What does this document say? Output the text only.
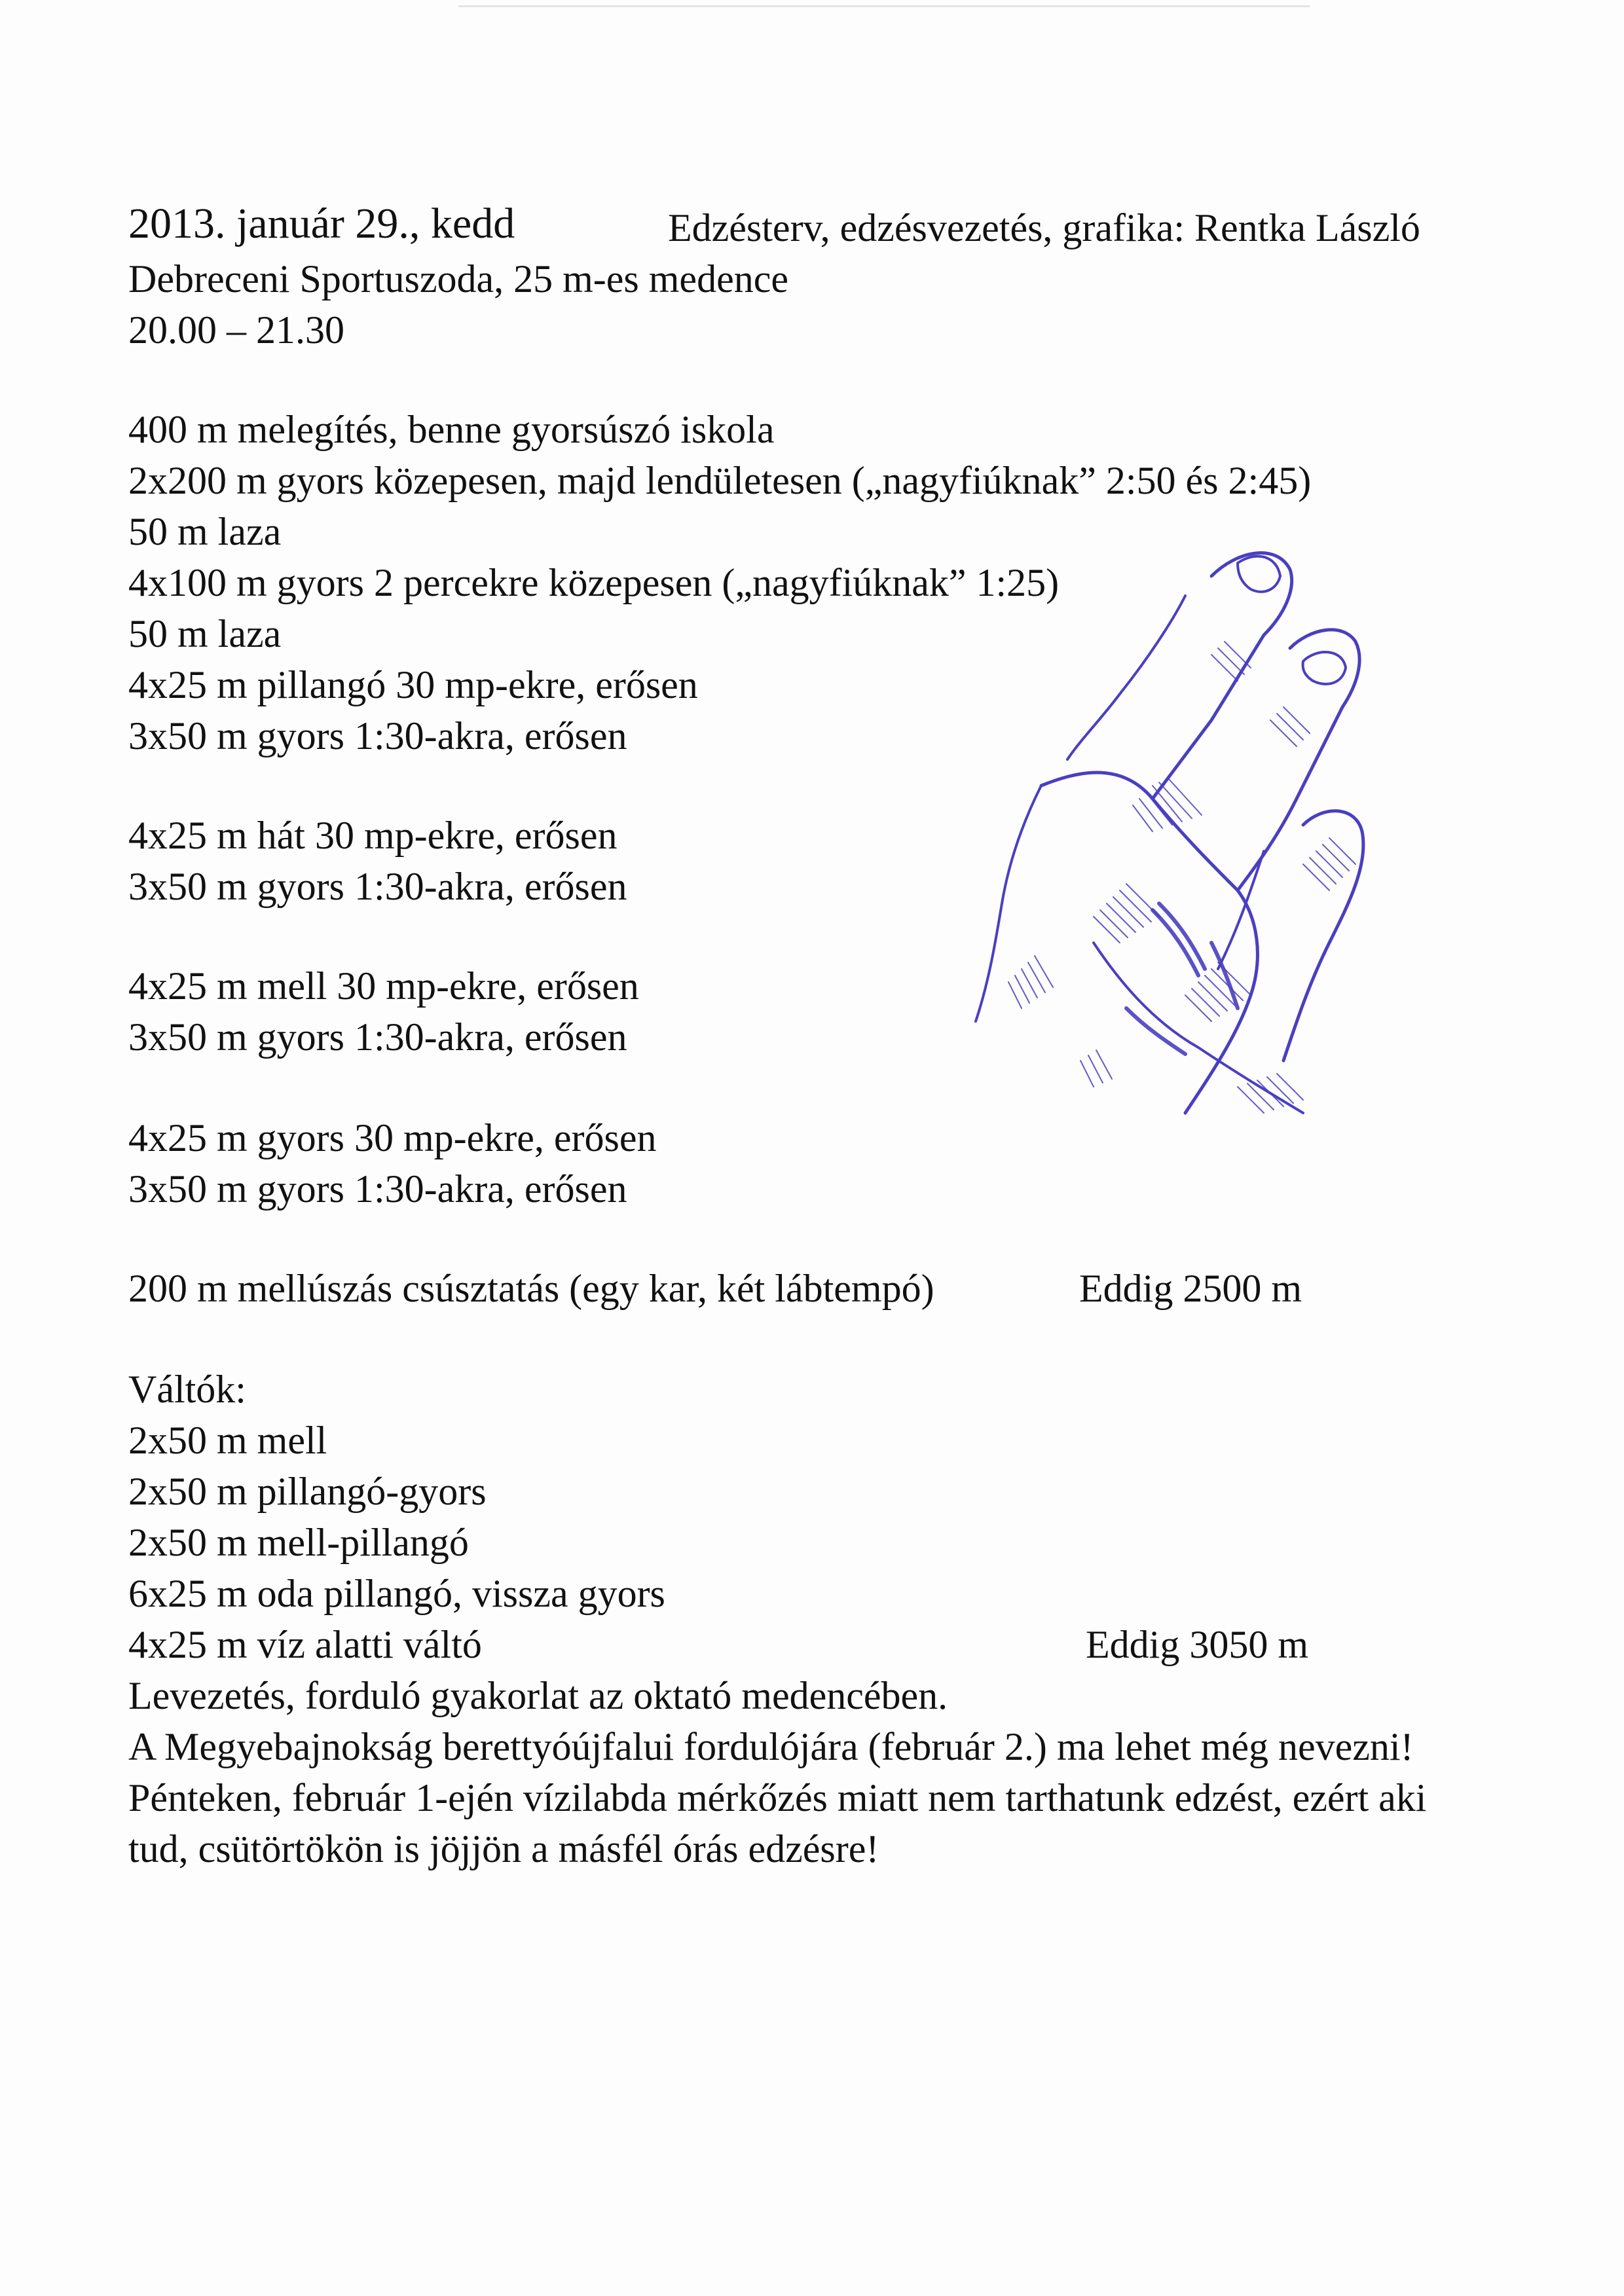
2013. január 29., kedd	Edzésterv, edzésvezetés, grafika: Rentka László
Debreceni Sportuszoda, 25 m-es medence
20.00 – 21.30
400 m melegítés, benne gyorsúszó iskola
2x200 m gyors közepesen, majd lendületesen („nagyfiúknak” 2:50 és 2:45)
50 m laza
4x100 m gyors 2 percekre közepesen („nagyfiúknak” 1:25)
50 m laza
4x25 m pillangó 30 mp-ekre, erősen
3x50 m gyors 1:30-akra, erősen
4x25 m hát 30 mp-ekre, erősen
3x50 m gyors 1:30-akra, erősen
4x25 m mell 30 mp-ekre, erősen
3x50 m gyors 1:30-akra, erősen
4x25 m gyors 30 mp-ekre, erősen
3x50 m gyors 1:30-akra, erősen
200 m mellúszás csúsztatás (egy kar, két lábtempó)	Eddig 2500 m
Váltók:
2x50 m mell
2x50 m pillangó-gyors
2x50 m mell-pillangó
6x25 m oda pillangó, vissza gyors
4x25 m víz alatti váltó	Eddig 3050 m
Levezetés, forduló gyakorlat az oktató medencében.
A Megyebajnokság berettyóújfalui fordulójára (február 2.) ma lehet még nevezni!
Pénteken, február 1-ején vízilabda mérkőzés miatt nem tarthatunk edzést, ezért aki
tud, csütörtökön is jöjjön a másfél órás edzésre!
